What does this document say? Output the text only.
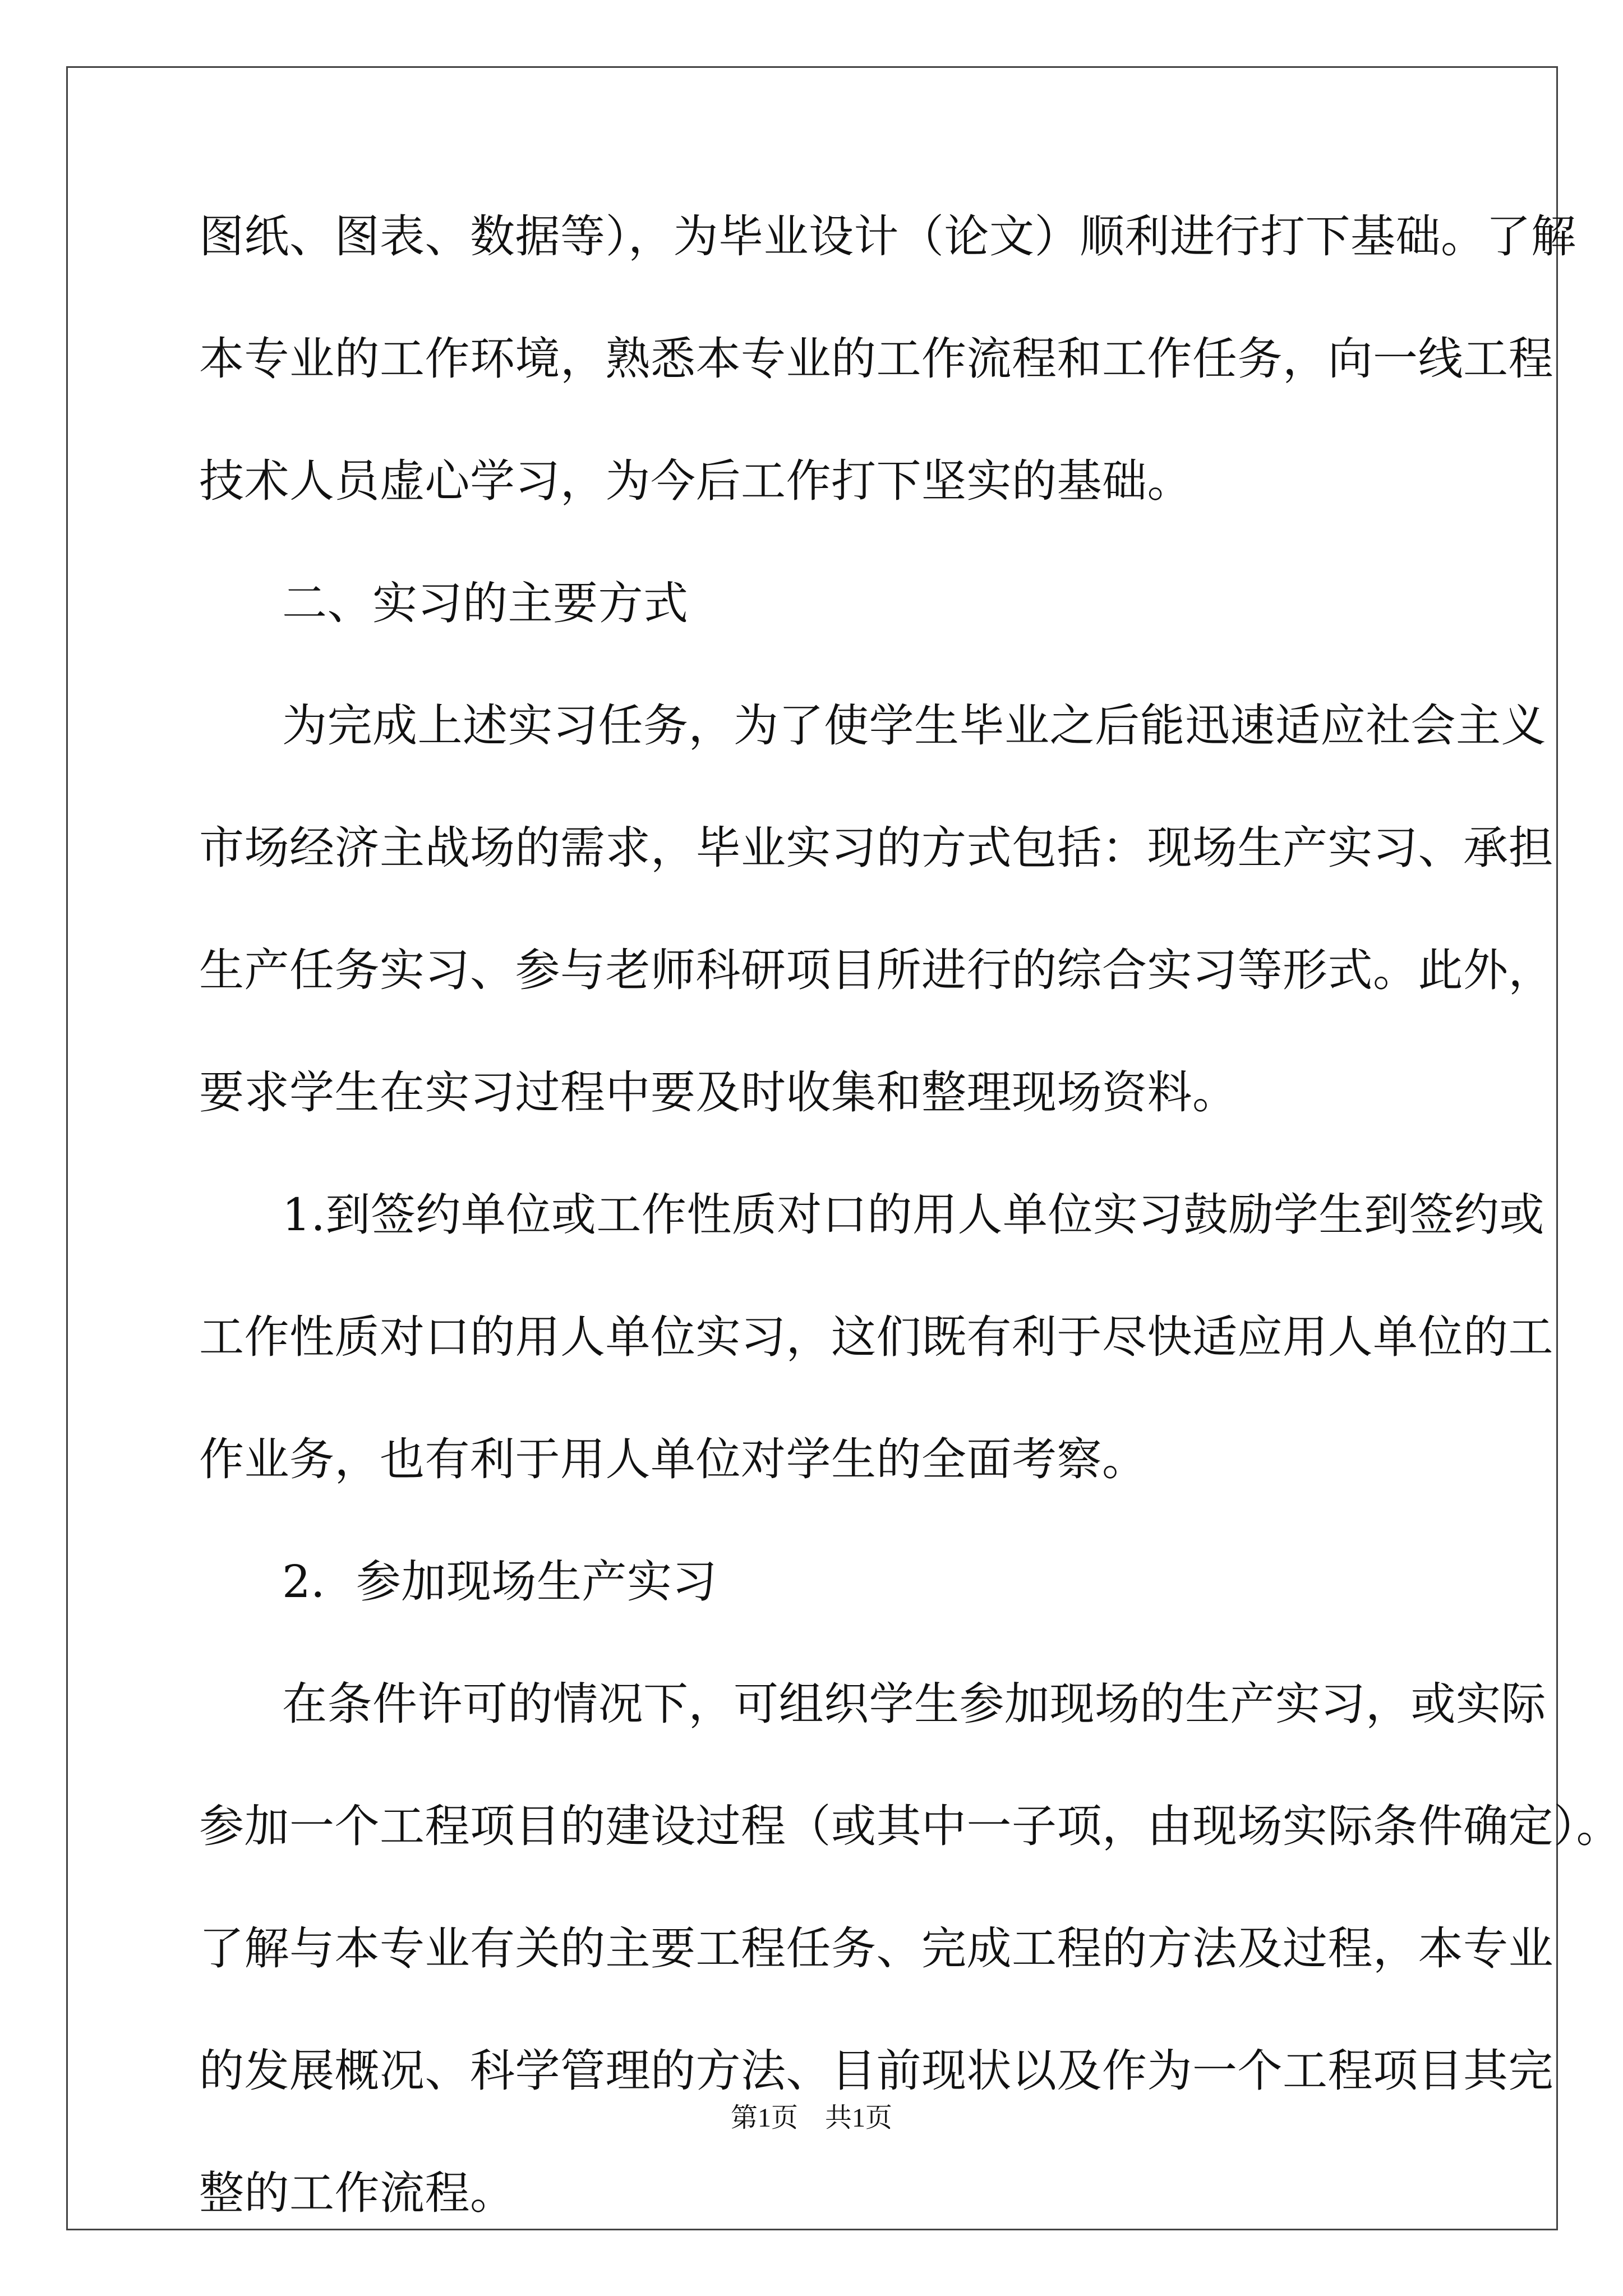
图纸、图表、数据等），为毕业设计（论文）顺利进行打下基础。了解
本专业的工作环境，熟悉本专业的工作流程和工作任务，向一线工程
技术人员虚心学习，为今后工作打下坚实的基础。
二、实习的主要方式
为完成上述实习任务，为了使学生毕业之后能迅速适应社会主义
市场经济主战场的需求，毕业实习的方式包括：现场生产实习、承担
生产任务实习、参与老师科研项目所进行的综合实习等形式。此外，
要求学生在实习过程中要及时收集和整理现场资料。
1.到签约单位或工作性质对口的用人单位实习鼓励学生到签约或
工作性质对口的用人单位实习，这们既有利于尽快适应用人单位的工
作业务，也有利于用人单位对学生的全面考察。
2．参加现场生产实习
在条件许可的情况下，可组织学生参加现场的生产实习，或实际
参加一个工程项目的建设过程（或其中一子项，由现场实际条件确定）。
了解与本专业有关的主要工程任务、完成工程的方法及过程，本专业
的发展概况、科学管理的方法、目前现状以及作为一个工程项目其完
整的工作流程。
第1页　共1页
